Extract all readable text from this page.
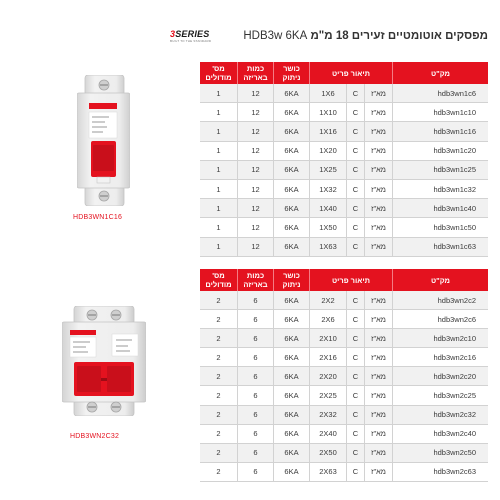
3SERIES
BUILT TO THE STANDARD	מפסקים אוטומטיים זעירים 18 מ"מ HDB3w 6KA
HDB3WN1C16
HDB3WN2C32
מס' מודולים	כמות באריזה	כושר ניתוק	תיאור פריט			מק"ט
1	12	6KA	1X6	C	מא"ז	hdb3wn1c6
1	12	6KA	1X10	C	מא"ז	hdb3wn1c10
1	12	6KA	1X16	C	מא"ז	hdb3wn1c16
1	12	6KA	1X20	C	מא"ז	hdb3wn1c20
1	12	6KA	1X25	C	מא"ז	hdb3wn1c25
1	12	6KA	1X32	C	מא"ז	hdb3wn1c32
1	12	6KA	1X40	C	מא"ז	hdb3wn1c40
1	12	6KA	1X50	C	מא"ז	hdb3wn1c50
1	12	6KA	1X63	C	מא"ז	hdb3wn1c63
מס' מודולים	כמות באריזה	כושר ניתוק	תיאור פריט			מק"ט
2	6	6KA	2X2	C	מא"ז	hdb3wn2c2
2	6	6KA	2X6	C	מא"ז	hdb3wn2c6
2	6	6KA	2X10	C	מא"ז	hdb3wn2c10
2	6	6KA	2X16	C	מא"ז	hdb3wn2c16
2	6	6KA	2X20	C	מא"ז	hdb3wn2c20
2	6	6KA	2X25	C	מא"ז	hdb3wn2c25
2	6	6KA	2X32	C	מא"ז	hdb3wn2c32
2	6	6KA	2X40	C	מא"ז	hdb3wn2c40
2	6	6KA	2X50	C	מא"ז	hdb3wn2c50
2	6	6KA	2X63	C	מא"ז	hdb3wn2c63
